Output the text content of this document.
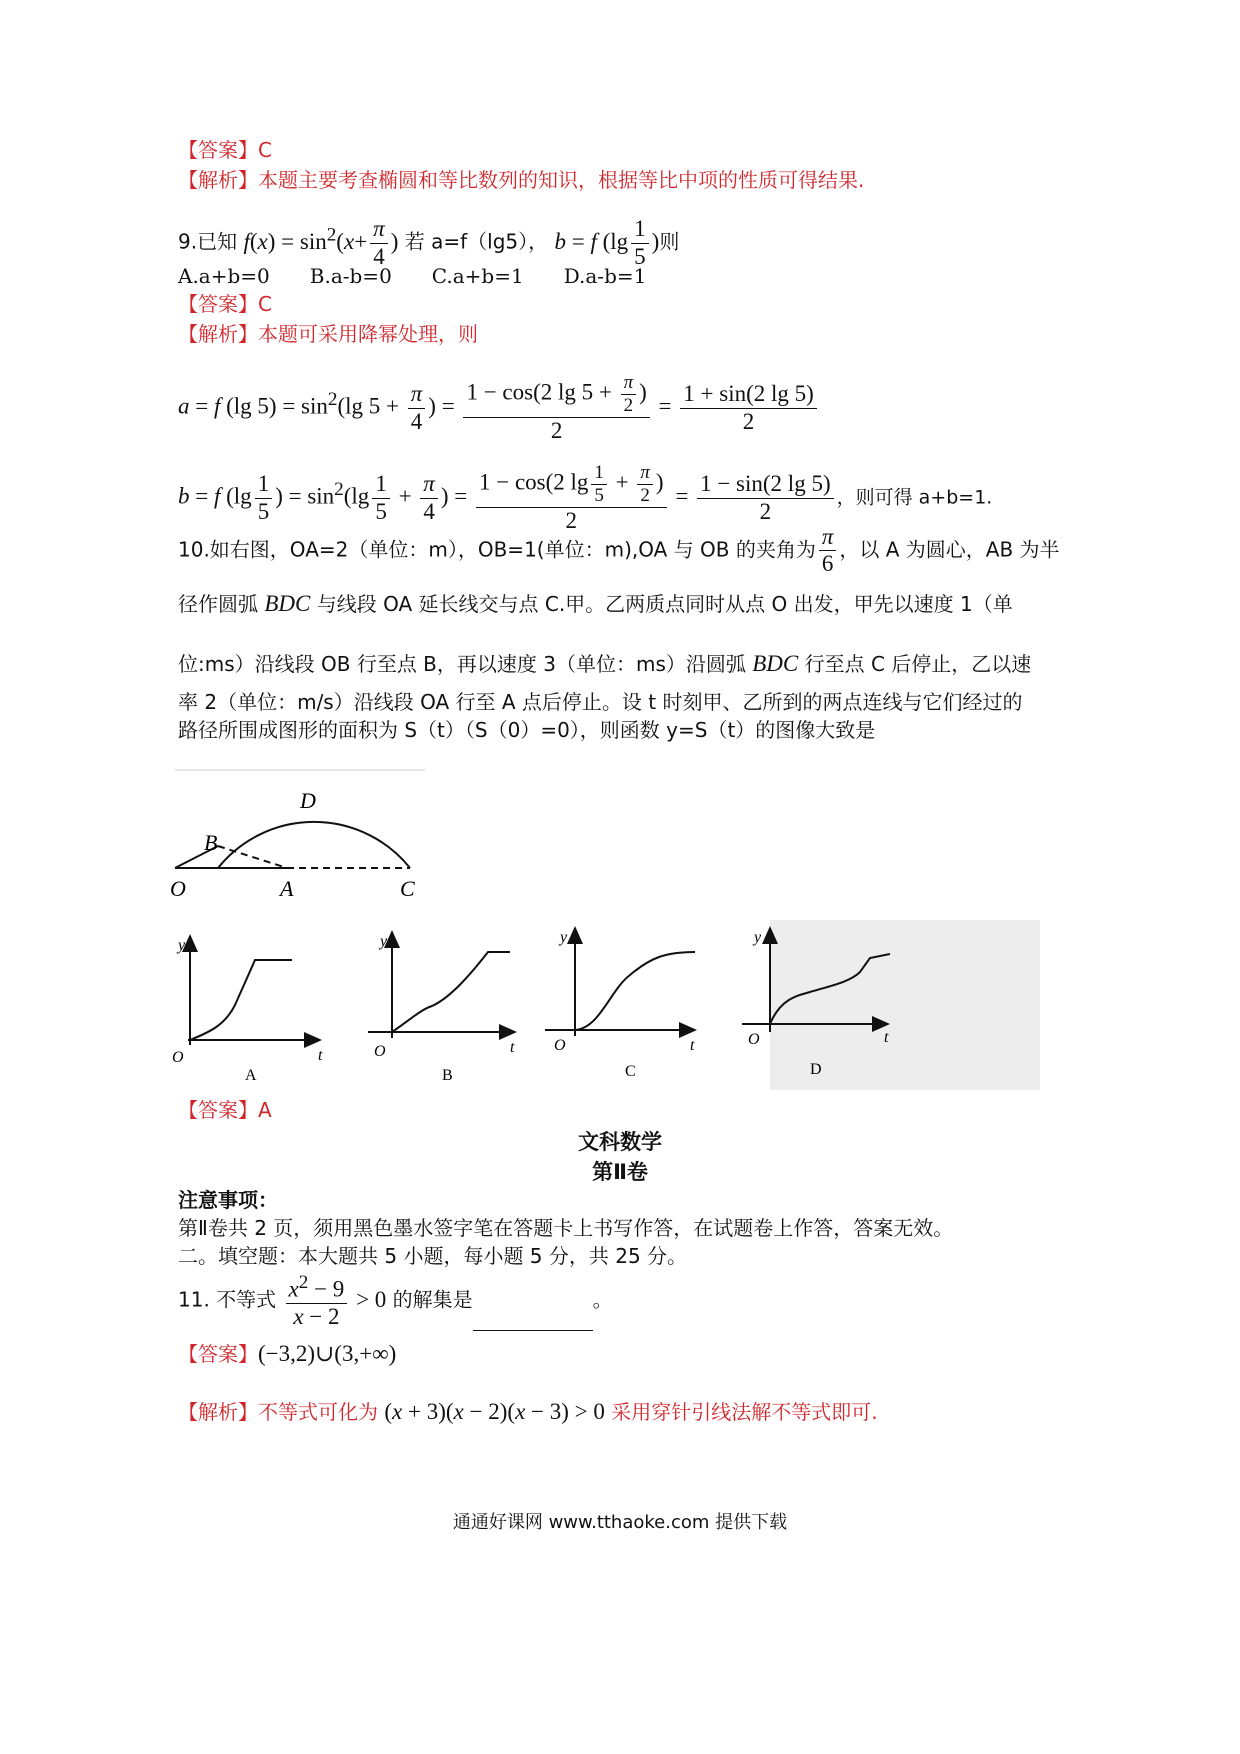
【答案】C
【解析】本题主要考查椭圆和等比数列的知识，根据等比中项的性质可得结果.
9.已知 $f(x) = \sin^2(x+ \frac{\pi}{4}$ ) 若 a=f（lg5）， b = f ($\lg \frac{1}{5}$ )则
A.a+b=0　　B.a-b=0　　C.a+b=1　　D.a-b=1
【答案】C
【解析】本题可采用降幂处理，则
a = f (lg $5) = \sin^2(\lg$ $5 + \frac{\pi}{4}$ ) = $\frac{1 - \cos(2 \lg 5 + \frac{\pi}{2} )}{2} = \frac{1 + \sin(2 \lg 5)}{2}$
b = f ($\lg \frac{1}{5}$ ) = $\sin^2(\lg \frac{1}{5} + \frac{\pi}{4}$ ) = $\frac{1 - \cos(2 \lg \frac{1}{5} + \frac{\pi}{2} )}{2} = \frac{1 - \sin(2 \lg 5)}{2}$ ，则可得 a+b=1.
10.如右图，OA=2（单位：m），OB=1(单位：m),OA 与 OB 的夹角为 $\frac{\pi}{6}$ ，以 A 为圆心，AB 为半
径作圆弧 BDC 与线段 OA 延长线交与点 C.甲。乙两质点同时从点 O 出发，甲先以速度 1（单
位:ms）沿线段 OB 行至点 B，再以速度 3（单位：ms）沿圆弧 BDC 行至点 C 后停止，乙以速
率 2（单位：m/s）沿线段 OA 行至 A 点后停止。设 t 时刻甲、乙所到的两点连线与它们经过的
路径所围成图形的面积为 S（t）（S（0）=0），则函数 y=S（t）的图像大致是
O	A	C
B
D
y
t
O
A
y
t
O
B
y
t
O
C
y
t
O
D
【答案】A
文科数学
第Ⅱ卷
注意事项：
第Ⅱ卷共 2 页，须用黑色墨水签字笔在答题卡上书写作答，在试题卷上作答，答案无效。
二。填空题：本大题共 5 小题，每小题 5 分，共 25 分。
11. 不等式 $\frac{x^2 - 9}{x - 2} > 0$ 的解集是	。
【答案】(−3,2)∪(3,+∞)
【解析】不等式可化为 (x + 3)(x − 2)(x − 3) > 0 采用穿针引线法解不等式即可.
通通好课网 www.tthaoke.com 提供下载
